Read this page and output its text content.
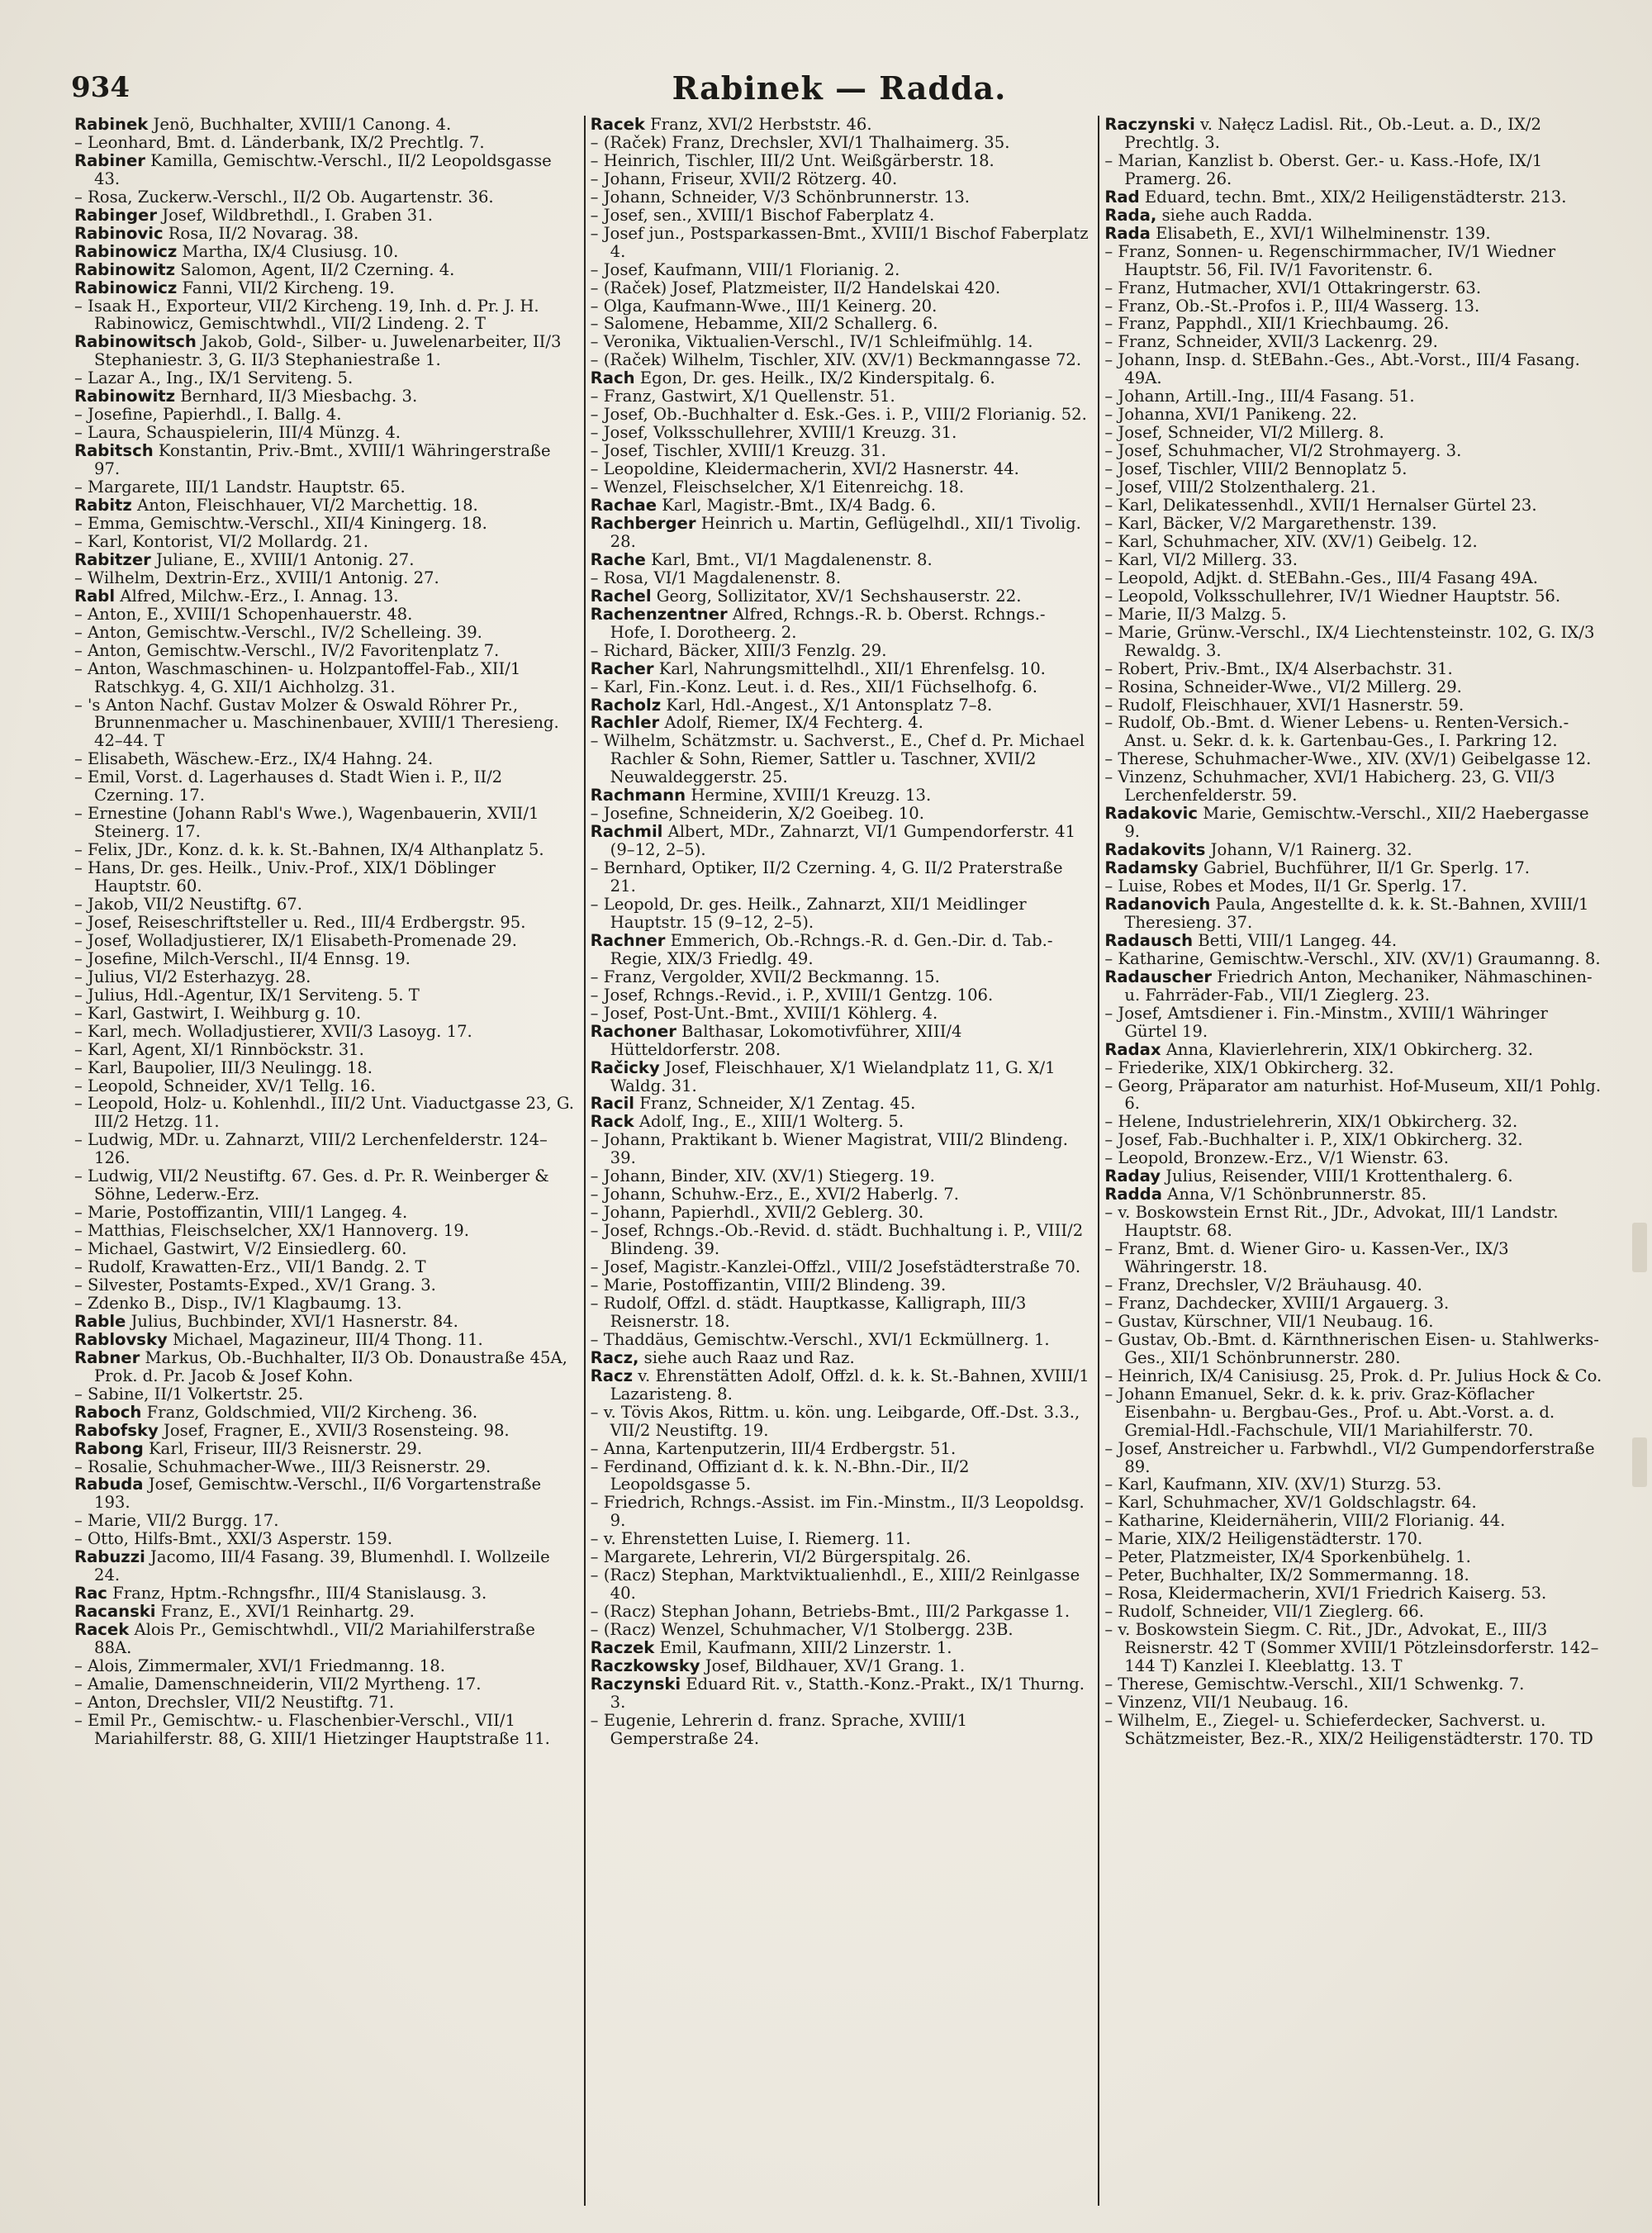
934	Rabinek — Radda.
Rabinek Jenö, Buchhalter, XVIII/1 Canong. 4.
– Leonhard, Bmt. d. Länderbank, IX/2 Prechtlg. 7.
Rabiner Kamilla, Gemischtw.-Verschl., II/2 Leopoldsgasse 43.
– Rosa, Zuckerw.-Verschl., II/2 Ob. Augartenstr. 36.
Rabinger Josef, Wildbrethdl., I. Graben 31.
Rabinovic Rosa, II/2 Novarag. 38.
Rabinowicz Martha, IX/4 Clusiusg. 10.
Rabinowitz Salomon, Agent, II/2 Czerning. 4.
Rabinowicz Fanni, VII/2 Kircheng. 19.
– Isaak H., Exporteur, VII/2 Kircheng. 19, Inh. d. Pr. J. H. Rabinowicz, Gemischtwhdl., VII/2 Lindeng. 2. T
Rabinowitsch Jakob, Gold-, Silber- u. Juwelenarbeiter, II/3 Stephaniestr. 3, G. II/3 Stephaniestraße 1.
– Lazar A., Ing., IX/1 Serviteng. 5.
Rabinowitz Bernhard, II/3 Miesbachg. 3.
– Josefine, Papierhdl., I. Ballg. 4.
– Laura, Schauspielerin, III/4 Münzg. 4.
Rabitsch Konstantin, Priv.-Bmt., XVIII/1 Währingerstraße 97.
– Margarete, III/1 Landstr. Hauptstr. 65.
Rabitz Anton, Fleischhauer, VI/2 Marchettig. 18.
– Emma, Gemischtw.-Verschl., XII/4 Kiningerg. 18.
– Karl, Kontorist, VI/2 Mollardg. 21.
Rabitzer Juliane, E., XVIII/1 Antonig. 27.
– Wilhelm, Dextrin-Erz., XVIII/1 Antonig. 27.
Rabl Alfred, Milchw.-Erz., I. Annag. 13.
– Anton, E., XVIII/1 Schopenhauerstr. 48.
– Anton, Gemischtw.-Verschl., IV/2 Schelleing. 39.
– Anton, Gemischtw.-Verschl., IV/2 Favoritenplatz 7.
– Anton, Waschmaschinen- u. Holzpantoffel-Fab., XII/1 Ratschkyg. 4, G. XII/1 Aichholzg. 31.
– 's Anton Nachf. Gustav Molzer & Oswald Röhrer Pr., Brunnenmacher u. Maschinenbauer, XVIII/1 Theresieng. 42–44. T
– Elisabeth, Wäschew.-Erz., IX/4 Hahng. 24.
– Emil, Vorst. d. Lagerhauses d. Stadt Wien i. P., II/2 Czerning. 17.
– Ernestine (Johann Rabl's Wwe.), Wagenbauerin, XVII/1 Steinerg. 17.
– Felix, JDr., Konz. d. k. k. St.-Bahnen, IX/4 Althanplatz 5.
– Hans, Dr. ges. Heilk., Univ.-Prof., XIX/1 Döblinger Hauptstr. 60.
– Jakob, VII/2 Neustiftg. 67.
– Josef, Reiseschriftsteller u. Red., III/4 Erdbergstr. 95.
– Josef, Wolladjustierer, IX/1 Elisabeth-Promenade 29.
– Josefine, Milch-Verschl., II/4 Ennsg. 19.
– Julius, VI/2 Esterhazyg. 28.
– Julius, Hdl.-Agentur, IX/1 Serviteng. 5. T
– Karl, Gastwirt, I. Weihburg g. 10.
– Karl, mech. Wolladjustierer, XVII/3 Lasoyg. 17.
– Karl, Agent, XI/1 Rinnböckstr. 31.
– Karl, Baupolier, III/3 Neulingg. 18.
– Leopold, Schneider, XV/1 Tellg. 16.
– Leopold, Holz- u. Kohlenhdl., III/2 Unt. Viaductgasse 23, G. III/2 Hetzg. 11.
– Ludwig, MDr. u. Zahnarzt, VIII/2 Lerchenfelderstr. 124–126.
– Ludwig, VII/2 Neustiftg. 67. Ges. d. Pr. R. Weinberger & Söhne, Lederw.-Erz.
– Marie, Postoffizantin, VIII/1 Langeg. 4.
– Matthias, Fleischselcher, XX/1 Hannoverg. 19.
– Michael, Gastwirt, V/2 Einsiedlerg. 60.
– Rudolf, Krawatten-Erz., VII/1 Bandg. 2. T
– Silvester, Postamts-Exped., XV/1 Grang. 3.
– Zdenko B., Disp., IV/1 Klagbaumg. 13.
Rable Julius, Buchbinder, XVI/1 Hasnerstr. 84.
Rablovsky Michael, Magazineur, III/4 Thong. 11.
Rabner Markus, Ob.-Buchhalter, II/3 Ob. Donaustraße 45A, Prok. d. Pr. Jacob & Josef Kohn.
– Sabine, II/1 Volkertstr. 25.
Raboch Franz, Goldschmied, VII/2 Kircheng. 36.
Rabofsky Josef, Fragner, E., XVII/3 Rosensteing. 98.
Rabong Karl, Friseur, III/3 Reisnerstr. 29.
– Rosalie, Schuhmacher-Wwe., III/3 Reisnerstr. 29.
Rabuda Josef, Gemischtw.-Verschl., II/6 Vorgartenstraße 193.
– Marie, VII/2 Burgg. 17.
– Otto, Hilfs-Bmt., XXI/3 Asperstr. 159.
Rabuzzi Jacomo, III/4 Fasang. 39, Blumenhdl. I. Wollzeile 24.
Rac Franz, Hptm.-Rchngsfhr., III/4 Stanislausg. 3.
Racanski Franz, E., XVI/1 Reinhartg. 29.
Racek Alois Pr., Gemischtwhdl., VII/2 Mariahilferstraße 88A.
– Alois, Zimmermaler, XVI/1 Friedmanng. 18.
– Amalie, Damenschneiderin, VII/2 Myrtheng. 17.
– Anton, Drechsler, VII/2 Neustiftg. 71.
– Emil Pr., Gemischtw.- u. Flaschenbier-Verschl., VII/1 Mariahilferstr. 88, G. XIII/1 Hietzinger Hauptstraße 11.
Racek Franz, XVI/2 Herbststr. 46.
– (Raček) Franz, Drechsler, XVI/1 Thalhaimerg. 35.
– Heinrich, Tischler, III/2 Unt. Weißgärberstr. 18.
– Johann, Friseur, XVII/2 Rötzerg. 40.
– Johann, Schneider, V/3 Schönbrunnerstr. 13.
– Josef, sen., XVIII/1 Bischof Faberplatz 4.
– Josef jun., Postsparkassen-Bmt., XVIII/1 Bischof Faberplatz 4.
– Josef, Kaufmann, VIII/1 Florianig. 2.
– (Raček) Josef, Platzmeister, II/2 Handelskai 420.
– Olga, Kaufmann-Wwe., III/1 Keinerg. 20.
– Salomene, Hebamme, XII/2 Schallerg. 6.
– Veronika, Viktualien-Verschl., IV/1 Schleifmühlg. 14.
– (Raček) Wilhelm, Tischler, XIV. (XV/1) Beckmanngasse 72.
Rach Egon, Dr. ges. Heilk., IX/2 Kinderspitalg. 6.
– Franz, Gastwirt, X/1 Quellenstr. 51.
– Josef, Ob.-Buchhalter d. Esk.-Ges. i. P., VIII/2 Florianig. 52.
– Josef, Volksschullehrer, XVIII/1 Kreuzg. 31.
– Josef, Tischler, XVIII/1 Kreuzg. 31.
– Leopoldine, Kleidermacherin, XVI/2 Hasnerstr. 44.
– Wenzel, Fleischselcher, X/1 Eitenreichg. 18.
Rachae Karl, Magistr.-Bmt., IX/4 Badg. 6.
Rachberger Heinrich u. Martin, Geflügelhdl., XII/1 Tivolig. 28.
Rache Karl, Bmt., VI/1 Magdalenenstr. 8.
– Rosa, VI/1 Magdalenenstr. 8.
Rachel Georg, Sollizitator, XV/1 Sechshauserstr. 22.
Rachenzentner Alfred, Rchngs.-R. b. Oberst. Rchngs.-Hofe, I. Dorotheerg. 2.
– Richard, Bäcker, XIII/3 Fenzlg. 29.
Racher Karl, Nahrungsmittelhdl., XII/1 Ehrenfelsg. 10.
– Karl, Fin.-Konz. Leut. i. d. Res., XII/1 Füchselhofg. 6.
Racholz Karl, Hdl.-Angest., X/1 Antonsplatz 7–8.
Rachler Adolf, Riemer, IX/4 Fechterg. 4.
– Wilhelm, Schätzmstr. u. Sachverst., E., Chef d. Pr. Michael Rachler & Sohn, Riemer, Sattler u. Taschner, XVII/2 Neuwaldeggerstr. 25.
Rachmann Hermine, XVIII/1 Kreuzg. 13.
– Josefine, Schneiderin, X/2 Goeibeg. 10.
Rachmil Albert, MDr., Zahnarzt, VI/1 Gumpendorferstr. 41 (9–12, 2–5).
– Bernhard, Optiker, II/2 Czerning. 4, G. II/2 Praterstraße 21.
– Leopold, Dr. ges. Heilk., Zahnarzt, XII/1 Meidlinger Hauptstr. 15 (9–12, 2–5).
Rachner Emmerich, Ob.-Rchngs.-R. d. Gen.-Dir. d. Tab.-Regie, XIX/3 Friedlg. 49.
– Franz, Vergolder, XVII/2 Beckmanng. 15.
– Josef, Rchngs.-Revid., i. P., XVIII/1 Gentzg. 106.
– Josef, Post-Unt.-Bmt., XVIII/1 Köhlerg. 4.
Rachoner Balthasar, Lokomotivführer, XIII/4 Hütteldorferstr. 208.
Račicky Josef, Fleischhauer, X/1 Wielandplatz 11, G. X/1 Waldg. 31.
Racil Franz, Schneider, X/1 Zentag. 45.
Rack Adolf, Ing., E., XIII/1 Wolterg. 5.
– Johann, Praktikant b. Wiener Magistrat, VIII/2 Blindeng. 39.
– Johann, Binder, XIV. (XV/1) Stiegerg. 19.
– Johann, Schuhw.-Erz., E., XVI/2 Haberlg. 7.
– Johann, Papierhdl., XVII/2 Geblerg. 30.
– Josef, Rchngs.-Ob.-Revid. d. städt. Buchhaltung i. P., VIII/2 Blindeng. 39.
– Josef, Magistr.-Kanzlei-Offzl., VIII/2 Josefstädterstraße 70.
– Marie, Postoffizantin, VIII/2 Blindeng. 39.
– Rudolf, Offzl. d. städt. Hauptkasse, Kalligraph, III/3 Reisnerstr. 18.
– Thaddäus, Gemischtw.-Verschl., XVI/1 Eckmüllnerg. 1.
Racz, siehe auch Raaz und Raz.
Racz v. Ehrenstätten Adolf, Offzl. d. k. k. St.-Bahnen, XVIII/1 Lazaristeng. 8.
– v. Tövis Akos, Rittm. u. kön. ung. Leibgarde, Off.-Dst. 3.3., VII/2 Neustiftg. 19.
– Anna, Kartenputzerin, III/4 Erdbergstr. 51.
– Ferdinand, Offiziant d. k. k. N.-Bhn.-Dir., II/2 Leopoldsgasse 5.
– Friedrich, Rchngs.-Assist. im Fin.-Minstm., II/3 Leopoldsg. 9.
– v. Ehrenstetten Luise, I. Riemerg. 11.
– Margarete, Lehrerin, VI/2 Bürgerspitalg. 26.
– (Racz) Stephan, Marktviktualienhdl., E., XIII/2 Reinlgasse 40.
– (Racz) Stephan Johann, Betriebs-Bmt., III/2 Parkgasse 1.
– (Racz) Wenzel, Schuhmacher, V/1 Stolbergg. 23B.
Raczek Emil, Kaufmann, XIII/2 Linzerstr. 1.
Raczkowsky Josef, Bildhauer, XV/1 Grang. 1.
Raczynski Eduard Rit. v., Statth.-Konz.-Prakt., IX/1 Thurng. 3.
– Eugenie, Lehrerin d. franz. Sprache, XVIII/1 Gemperstraße 24.
Raczynski v. Nałęcz Ladisl. Rit., Ob.-Leut. a. D., IX/2 Prechtlg. 3.
– Marian, Kanzlist b. Oberst. Ger.- u. Kass.-Hofe, IX/1 Pramerg. 26.
Rad Eduard, techn. Bmt., XIX/2 Heiligenstädterstr. 213.
Rada, siehe auch Radda.
Rada Elisabeth, E., XVI/1 Wilhelminenstr. 139.
– Franz, Sonnen- u. Regenschirmmacher, IV/1 Wiedner Hauptstr. 56, Fil. IV/1 Favoritenstr. 6.
– Franz, Hutmacher, XVI/1 Ottakringerstr. 63.
– Franz, Ob.-St.-Profos i. P., III/4 Wasserg. 13.
– Franz, Papphdl., XII/1 Kriechbaumg. 26.
– Franz, Schneider, XVII/3 Lackenrg. 29.
– Johann, Insp. d. StEBahn.-Ges., Abt.-Vorst., III/4 Fasang. 49A.
– Johann, Artill.-Ing., III/4 Fasang. 51.
– Johanna, XVI/1 Panikeng. 22.
– Josef, Schneider, VI/2 Millerg. 8.
– Josef, Schuhmacher, VI/2 Strohmayerg. 3.
– Josef, Tischler, VIII/2 Bennoplatz 5.
– Josef, VIII/2 Stolzenthalerg. 21.
– Karl, Delikatessenhdl., XVII/1 Hernalser Gürtel 23.
– Karl, Bäcker, V/2 Margarethenstr. 139.
– Karl, Schuhmacher, XIV. (XV/1) Geibelg. 12.
– Karl, VI/2 Millerg. 33.
– Leopold, Adjkt. d. StEBahn.-Ges., III/4 Fasang 49A.
– Leopold, Volksschullehrer, IV/1 Wiedner Hauptstr. 56.
– Marie, II/3 Malzg. 5.
– Marie, Grünw.-Verschl., IX/4 Liechtensteinstr. 102, G. IX/3 Rewaldg. 3.
– Robert, Priv.-Bmt., IX/4 Alserbachstr. 31.
– Rosina, Schneider-Wwe., VI/2 Millerg. 29.
– Rudolf, Fleischhauer, XVI/1 Hasnerstr. 59.
– Rudolf, Ob.-Bmt. d. Wiener Lebens- u. Renten-Versich.-Anst. u. Sekr. d. k. k. Gartenbau-Ges., I. Parkring 12.
– Therese, Schuhmacher-Wwe., XIV. (XV/1) Geibelgasse 12.
– Vinzenz, Schuhmacher, XVI/1 Habicherg. 23, G. VII/3 Lerchenfelderstr. 59.
Radakovic Marie, Gemischtw.-Verschl., XII/2 Haebergasse 9.
Radakovits Johann, V/1 Rainerg. 32.
Radamsky Gabriel, Buchführer, II/1 Gr. Sperlg. 17.
– Luise, Robes et Modes, II/1 Gr. Sperlg. 17.
Radanovich Paula, Angestellte d. k. k. St.-Bahnen, XVIII/1 Theresieng. 37.
Radausch Betti, VIII/1 Langeg. 44.
– Katharine, Gemischtw.-Verschl., XIV. (XV/1) Graumanng. 8.
Radauscher Friedrich Anton, Mechaniker, Nähmaschinen- u. Fahrräder-Fab., VII/1 Zieglerg. 23.
– Josef, Amtsdiener i. Fin.-Minstm., XVIII/1 Währinger Gürtel 19.
Radax Anna, Klavierlehrerin, XIX/1 Obkircherg. 32.
– Friederike, XIX/1 Obkircherg. 32.
– Georg, Präparator am naturhist. Hof-Museum, XII/1 Pohlg. 6.
– Helene, Industrielehrerin, XIX/1 Obkircherg. 32.
– Josef, Fab.-Buchhalter i. P., XIX/1 Obkircherg. 32.
– Leopold, Bronzew.-Erz., V/1 Wienstr. 63.
Raday Julius, Reisender, VIII/1 Krottenthalerg. 6.
Radda Anna, V/1 Schönbrunnerstr. 85.
– v. Boskowstein Ernst Rit., JDr., Advokat, III/1 Landstr. Hauptstr. 68.
– Franz, Bmt. d. Wiener Giro- u. Kassen-Ver., IX/3 Währingerstr. 18.
– Franz, Drechsler, V/2 Bräuhausg. 40.
– Franz, Dachdecker, XVIII/1 Argauerg. 3.
– Gustav, Kürschner, VII/1 Neubaug. 16.
– Gustav, Ob.-Bmt. d. Kärnthnerischen Eisen- u. Stahlwerks-Ges., XII/1 Schönbrunnerstr. 280.
– Heinrich, IX/4 Canisiusg. 25, Prok. d. Pr. Julius Hock & Co.
– Johann Emanuel, Sekr. d. k. k. priv. Graz-Köflacher Eisenbahn- u. Bergbau-Ges., Prof. u. Abt.-Vorst. a. d. Gremial-Hdl.-Fachschule, VII/1 Mariahilferstr. 70.
– Josef, Anstreicher u. Farbwhdl., VI/2 Gumpendorferstraße 89.
– Karl, Kaufmann, XIV. (XV/1) Sturzg. 53.
– Karl, Schuhmacher, XV/1 Goldschlagstr. 64.
– Katharine, Kleidernäherin, VIII/2 Florianig. 44.
– Marie, XIX/2 Heiligenstädterstr. 170.
– Peter, Platzmeister, IX/4 Sporkenbühelg. 1.
– Peter, Buchhalter, IX/2 Sommermanng. 18.
– Rosa, Kleidermacherin, XVI/1 Friedrich Kaiserg. 53.
– Rudolf, Schneider, VII/1 Zieglerg. 66.
– v. Boskowstein Siegm. C. Rit., JDr., Advokat, E., III/3 Reisnerstr. 42 T (Sommer XVIII/1 Pötzleinsdorferstr. 142–144 T) Kanzlei I. Kleeblattg. 13. T
– Therese, Gemischtw.-Verschl., XII/1 Schwenkg. 7.
– Vinzenz, VII/1 Neubaug. 16.
– Wilhelm, E., Ziegel- u. Schieferdecker, Sachverst. u. Schätzmeister, Bez.-R., XIX/2 Heiligenstädterstr. 170. TD
